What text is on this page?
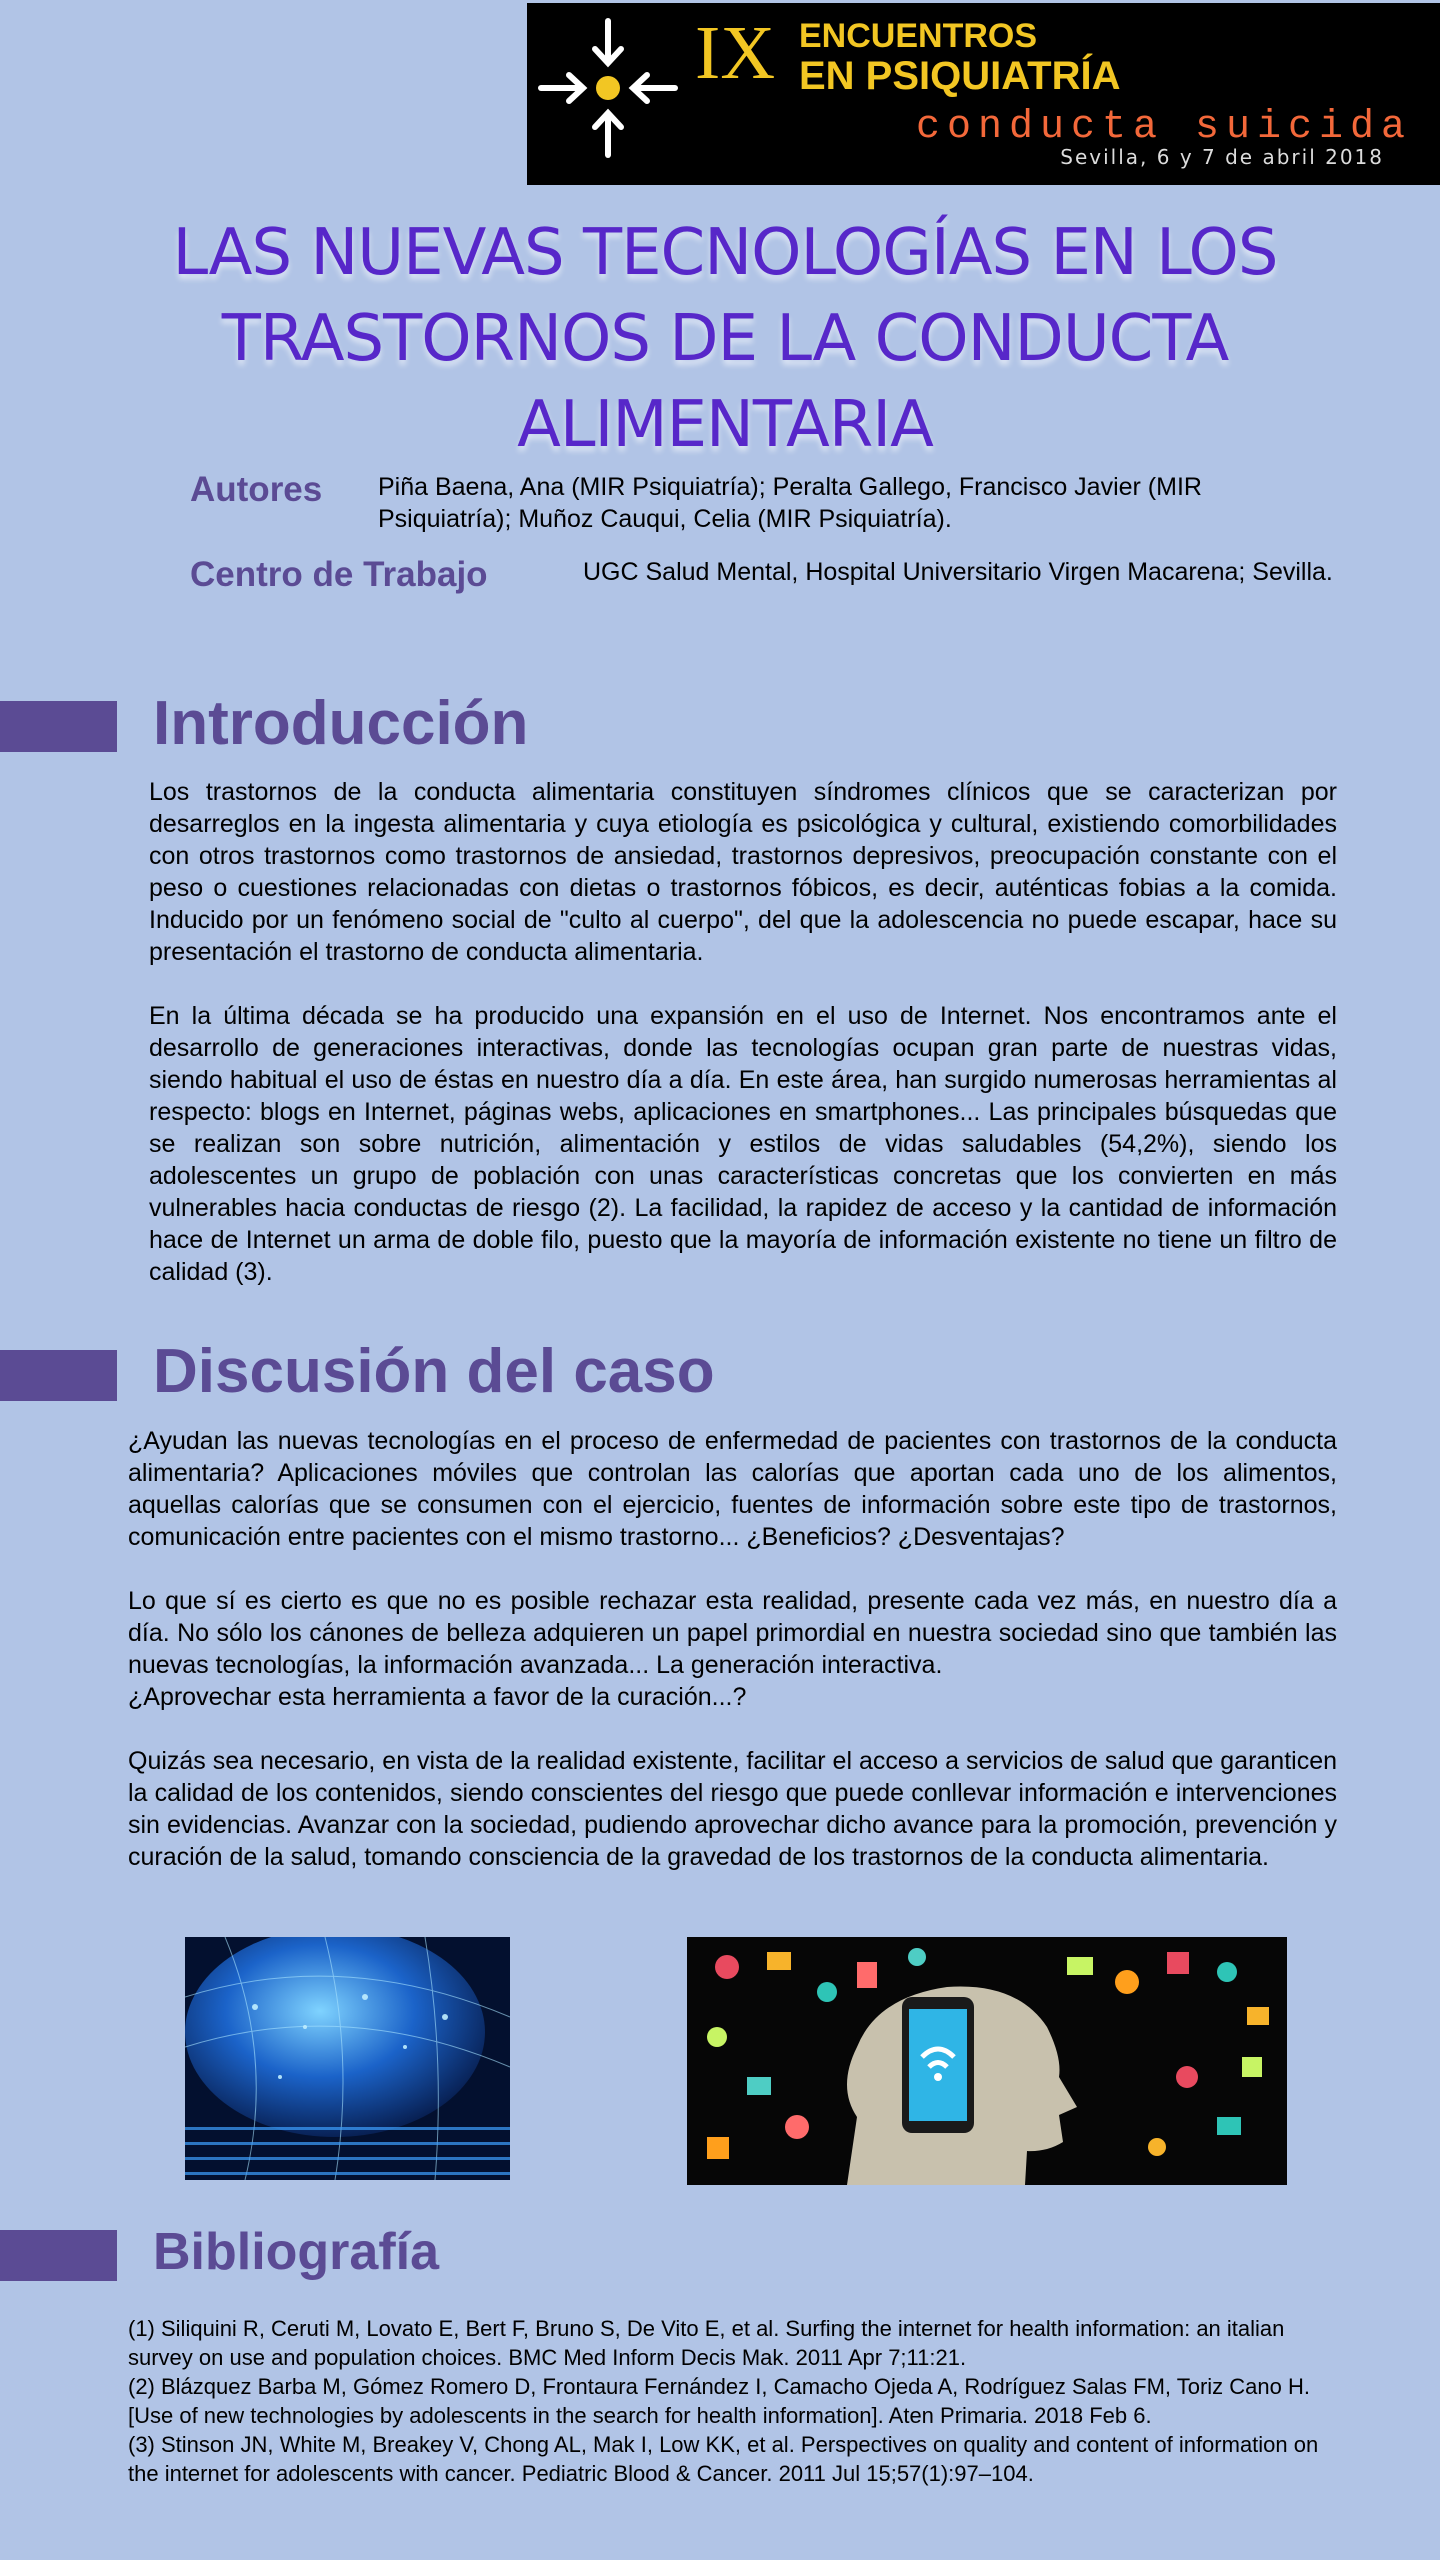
IX ENCUENTROS
EN PSIQUIATRÍA
conducta suicida
Sevilla, 6 y 7 de abril 2018
LAS NUEVAS TECNOLOGÍAS EN LOS
TRASTORNOS DE LA CONDUCTA
ALIMENTARIA
Autores Piña Baena, Ana (MIR Psiquiatría); Peralta Gallego, Francisco Javier (MIR Psiquiatría); Muñoz Cauqui, Celia (MIR Psiquiatría).
Centro de Trabajo	UGC Salud Mental, Hospital Universitario Virgen Macarena; Sevilla.
Introducción

Los trastornos de la conducta alimentaria constituyen síndromes clínicos que se caracterizan por desarreglos en la ingesta alimentaria y cuya etiología es psicológica y cultural, existiendo comorbilidades con otros trastornos como trastornos de ansiedad, trastornos depresivos, preocupación constante con el peso o cuestiones relacionadas con dietas o trastornos fóbicos, es decir, auténticas fobias a la comida. Inducido por un fenómeno social de "culto al cuerpo", del que la adolescencia no puede escapar, hace su presentación el trastorno de conducta alimentaria.

En la última década se ha producido una expansión en el uso de Internet. Nos encontramos ante el desarrollo de generaciones interactivas, donde las tecnologías ocupan gran parte de nuestras vidas, siendo habitual el uso de éstas en nuestro día a día. En este área, han surgido numerosas herramientas al respecto: blogs en Internet, páginas webs, aplicaciones en smartphones... Las principales búsquedas que se realizan son sobre nutrición, alimentación y estilos de vidas saludables (54,2%), siendo los adolescentes un grupo de población con unas características concretas que los convierten en más vulnerables hacia conductas de riesgo (2). La facilidad, la rapidez de acceso y la cantidad de información hace de Internet un arma de doble filo, puesto que la mayoría de información existente no tiene un filtro de calidad (3).

Discusión del caso

¿Ayudan las nuevas tecnologías en el proceso de enfermedad de pacientes con trastornos de la conducta alimentaria? Aplicaciones móviles que controlan las calorías que aportan cada uno de los alimentos, aquellas calorías que se consumen con el ejercicio, fuentes de información sobre este tipo de trastornos, comunicación entre pacientes con el mismo trastorno... ¿Beneficios? ¿Desventajas?

Lo que sí es cierto es que no es posible rechazar esta realidad, presente cada vez más, en nuestro día a día. No sólo los cánones de belleza adquieren un papel primordial en nuestra sociedad sino que también las nuevas tecnologías, la información avanzada... La generación interactiva.

¿Aprovechar esta herramienta a favor de la curación...?

Quizás sea necesario, en vista de la realidad existente, facilitar el acceso a servicios de salud que garanticen la calidad de los contenidos, siendo conscientes del riesgo que puede conllevar información e intervenciones sin evidencias. Avanzar con la sociedad, pudiendo aprovechar dicho avance para la promoción, prevención y curación de la salud, tomando consciencia de la gravedad de los trastornos de la conducta alimentaria.

Bibliografía

(1) Siliquini R, Ceruti M, Lovato E, Bert F, Bruno S, De Vito E, et al. Surfing the internet for health information: an italian survey on use and population choices. BMC Med Inform Decis Mak. 2011 Apr 7;11:21.

(2) Blázquez Barba M, Gómez Romero D, Frontaura Fernández I, Camacho Ojeda A, Rodríguez Salas FM, Toriz Cano H. [Use of new technologies by adolescents in the search for health information]. Aten Primaria. 2018 Feb 6.

(3) Stinson JN, White M, Breakey V, Chong AL, Mak I, Low KK, et al. Perspectives on quality and content of information on the internet for adolescents with cancer. Pediatric Blood & Cancer. 2011 Jul 15;57(1):97–104.
